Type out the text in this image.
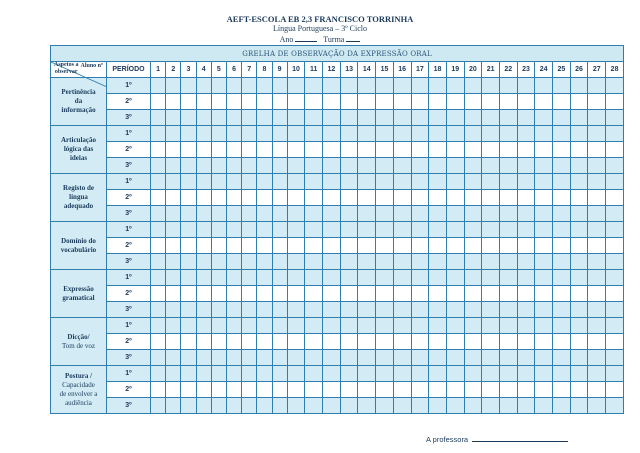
AEFT-ESCOLA EB 2,3 FRANCISCO TORRINHA
Língua Portuguesa – 3º Ciclo
Ano	Turma
GRELHA DE OBSERVAÇÃO DA EXPRESSÃO ORAL																													

Aluno nº
Aspetos a
observar	PERÍODO	1	2	3	4	5	6	7	8	9	10	11	12	13	14	15	16	17	18	19	20	21	22	23	24	25	26	27	28

Pertinência
da
informação	1º																												
	2º																												
	3º																												

Articulação
lógica das
ideias	1º																												
	2º																												
	3º																												

Registo de
língua
adequado	1º																												
	2º																												
	3º																												

Domínio do
vocabulário	1º																												
	2º																												
	3º																												

Expressão
gramatical	1º																												
	2º																												
	3º																												

Dicção/
Tom de voz	1º																												
	2º																												
	3º																												

Postura /
Capacidade
de envolver a
audiência	1º																												
	2º																												
	3º																												
A professora
